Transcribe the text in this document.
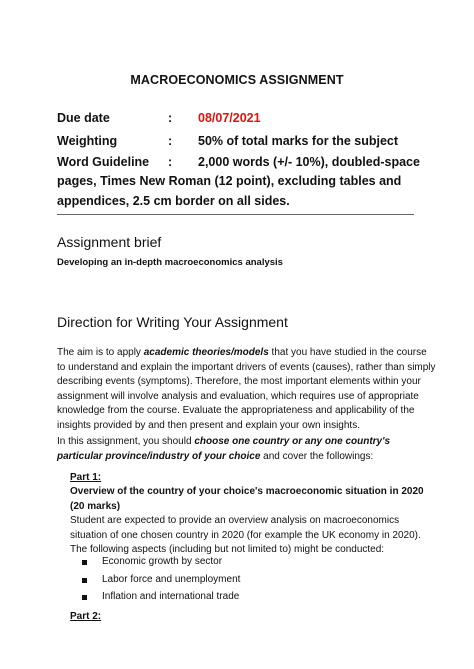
MACROECONOMICS ASSIGNMENT
Due date	: 08/07/2021
Weighting	: 50% of total marks for the subject
Word Guideline : 2,000 words (+/- 10%), doubled-space
pages, Times New Roman (12 point), excluding tables and
appendices, 2.5 cm border on all sides.
Assignment brief
Developing an in-depth macroeconomics analysis
Direction for Writing Your Assignment
The aim is to apply academic theories/models that you have studied in the course
to understand and explain the important drivers of events (causes), rather than simply
describing events (symptoms). Therefore, the most important elements within your
assignment will involve analysis and evaluation, which requires use of appropriate
knowledge from the course. Evaluate the appropriateness and applicability of the
insights provided by and then present and explain your own insights.
In this assignment, you should choose one country or any one country's
particular province/industry of your choice and cover the followings:
Part 1:
Overview of the country of your choice's macroeconomic situation in 2020
(20 marks)
Student are expected to provide an overview analysis on macroeconomics
situation of one chosen country in 2020 (for example the UK economy in 2020).
The following aspects (including but not limited to) might be conducted:
Economic growth by sector
Labor force and unemployment
Inflation and international trade
Part 2:
